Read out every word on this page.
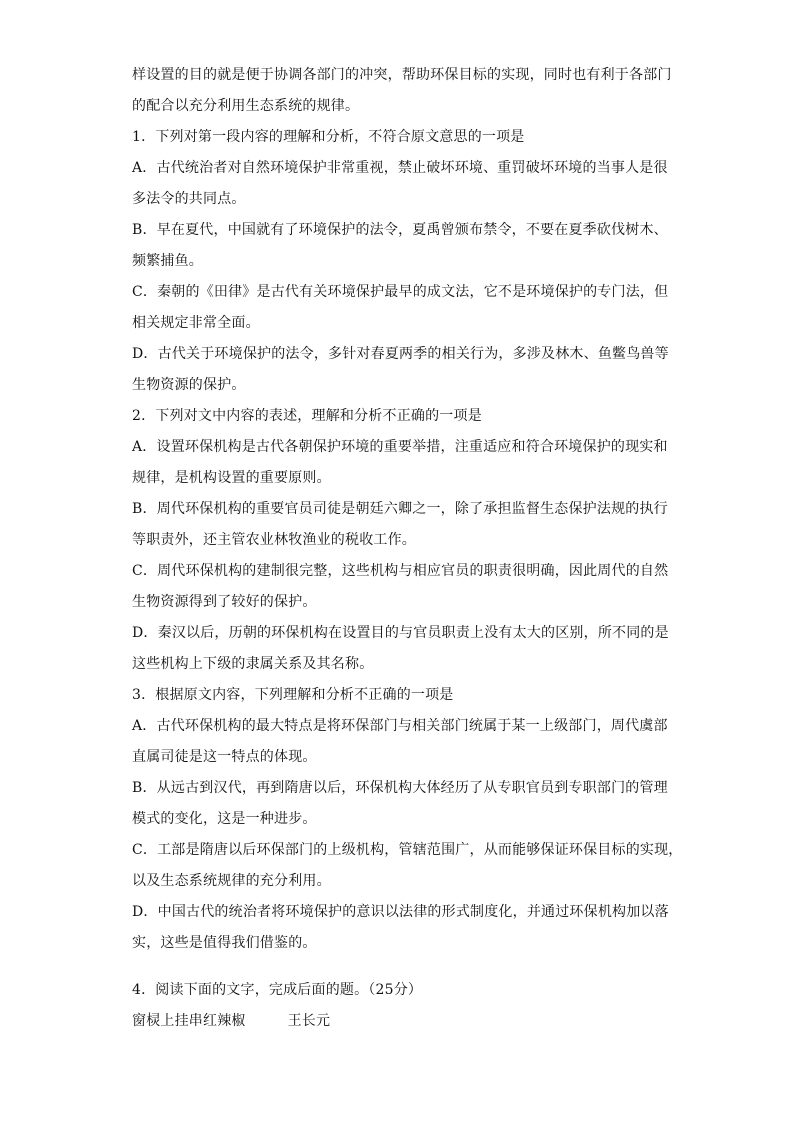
样设置的目的就是便于协调各部门的冲突，帮助环保目标的实现，同时也有利于各部门
的配合以充分利用生态系统的规律。
1．下列对第一段内容的理解和分析，不符合原文意思的一项是
A．古代统治者对自然环境保护非常重视，禁止破坏环境、重罚破坏环境的当事人是很
多法令的共同点。
B．早在夏代，中国就有了环境保护的法令，夏禹曾颁布禁令，不要在夏季砍伐树木、
频繁捕鱼。
C．秦朝的《田律》是古代有关环境保护最早的成文法，它不是环境保护的专门法，但
相关规定非常全面。
D．古代关于环境保护的法令，多针对春夏两季的相关行为，多涉及林木、鱼鳖鸟兽等
生物资源的保护。
2．下列对文中内容的表述，理解和分析不正确的一项是
A．设置环保机构是古代各朝保护环境的重要举措，注重适应和符合环境保护的现实和
规律，是机构设置的重要原则。
B．周代环保机构的重要官员司徒是朝廷六卿之一，除了承担监督生态保护法规的执行
等职责外，还主管农业林牧渔业的税收工作。
C．周代环保机构的建制很完整，这些机构与相应官员的职责很明确，因此周代的自然
生物资源得到了较好的保护。
D．秦汉以后，历朝的环保机构在设置目的与官员职责上没有太大的区别，所不同的是
这些机构上下级的隶属关系及其名称。
3．根据原文内容，下列理解和分析不正确的一项是
A．古代环保机构的最大特点是将环保部门与相关部门统属于某一上级部门，周代虞部
直属司徒是这一特点的体现。
B．从远古到汉代，再到隋唐以后，环保机构大体经历了从专职官员到专职部门的管理
模式的变化，这是一种进步。
C．工部是隋唐以后环保部门的上级机构，管辖范围广，从而能够保证环保目标的实现，
以及生态系统规律的充分利用。
D．中国古代的统治者将环境保护的意识以法律的形式制度化，并通过环保机构加以落
实，这些是值得我们借鉴的。
4．阅读下面的文字，完成后面的题。（25分）
窗棂上挂串红辣椒	王长元
